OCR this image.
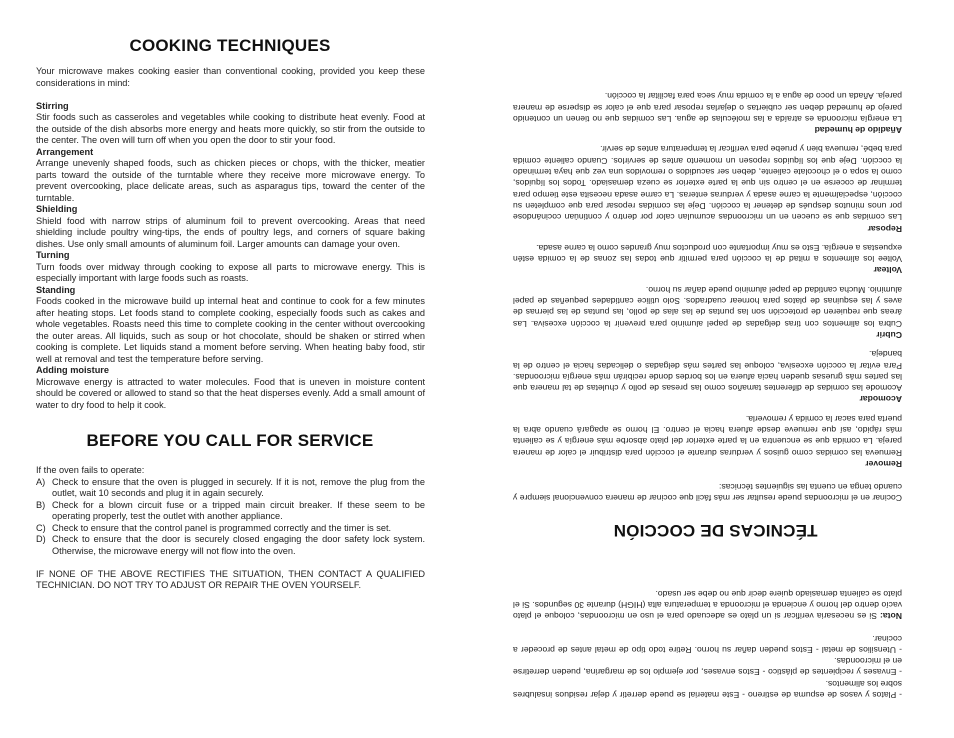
COOKING TECHNIQUES

Your microwave makes cooking easier than conventional cooking, provided you keep these considerations in mind:

Stirring

Stir foods such as casseroles and vegetables while cooking to distribute heat evenly. Food at the outside of the dish absorbs more energy and heats more quickly, so stir from the outside to the center. The oven will turn off when you open the door to stir your food.

Arrangement

Arrange unevenly shaped foods, such as chicken pieces or chops, with the thicker, meatier parts toward the outside of the turntable where they receive more microwave energy. To prevent overcooking, place delicate areas, such as asparagus tips, toward the center of the turntable.

Shielding

Shield food with narrow strips of aluminum foil to prevent overcooking. Areas that need shielding include poultry wing-tips, the ends of poultry legs, and corners of square baking dishes. Use only small amounts of aluminum foil. Larger amounts can damage your oven.

Turning

Turn foods over midway through cooking to expose all parts to microwave energy. This is especially important with large foods such as roasts.

Standing

Foods cooked in the microwave build up internal heat and continue to cook for a few minutes after heating stops. Let foods stand to complete cooking, especially foods such as cakes and whole vegetables. Roasts need this time to complete cooking in the center without overcooking the outer areas. All liquids, such as soup or hot chocolate, should be shaken or stirred when cooking is complete. Let liquids stand a moment before serving. When heating baby food, stir well at removal and test the temperature before serving.

Adding moisture

Microwave energy is attracted to water molecules. Food that is uneven in moisture content should be covered or allowed to stand so that the heat disperses evenly. Add a small amount of water to dry food to help it cook.

BEFORE YOU CALL FOR SERVICE

If the oven fails to operate:

A) Check to ensure that the oven is plugged in securely. If it is not, remove the plug from the outlet, wait 10 seconds and plug it in again securely.
B) Check for a blown circuit fuse or a tripped main circuit breaker. If these seem to be operating properly, test the outlet with another appliance.
C) Check to ensure that the control panel is programmed correctly and the timer is set.
D) Check to ensure that the door is securely closed engaging the door safety lock system. Otherwise, the microwave energy will not flow into the oven.

IF NONE OF THE ABOVE RECTIFIES THE SITUATION, THEN CONTACT A QUALIFIED TECHNICIAN. DO NOT TRY TO ADJUST OR REPAIR THE OVEN YOURSELF.

- Platos y vasos de espuma de estireno - Este material se puede derretir y dejar residuos insalubres sobre los alimentos.

- Envases y recipientes de plástico - Estos envases, por ejemplo los de margarina, pueden derretirse en el microondas.

- Utensilios de metal - Estos pueden dañar su horno. Retire todo tipo de metal antes de proceder a cocinar.

Nota: Si es necesaria verificar si un plato es adecuado para el uso en microondas, coloque el plato vacío dentro del horno y encienda el microonda a temperatura alta (HIGH) durante 30 segundos. Si el plato se calienta demasiado quiere decir que no debe ser usado.

TÉCNICAS DE COCCIÓN

Cocinar en el microondas puede resultar ser más fácil que cocinar de manera convencional siempre y cuando tenga en cuenta las siguientes técnicas:

Remover

Remueva las comidas como guisos y verduras durante el cocción para distribuir el calor de manera pareja. La comida que se encuentra en la parte exterior del plato absorbe más energía y se calienta más rápido, así que remueve desde afuera hacia el centro. El horno se apagará cuando abra la puerta para sacar la comida y removerla.

Acomodar

Acomode las comidas de diferentes tamaños como las presas de pollo y chuletas de tal manera que las partes más gruesas queden hacia afuera en los bordes donde recibirán más energía microondas. Para evitar la cocción excesiva, coloque las partes más delgadas o delicadas hacia el centro de la bandeja.

Cubrir

Cubra los alimentos con tiras delgadas de papel aluminio para prevenir la cocción excesiva. Las áreas que requieren de protección son las puntas de las alas de pollo, las puntas de las piernas de aves y las esquinas de platos para hornear cuadrados. Solo utilice cantidades pequeñas de papel aluminio. Mucha cantidad de papel aluminio puede dañar su horno.

Voltear

Voltee los alimentos a mitad de la cocción para permitir que todas las zonas de la comida estén expuestas a energía. Esto es muy importante con productos muy grandes como la carne asada.

Reposar

Las comidas que se cuecen en un microondas acumulan calor por dentro y continúan cocinándose por unos minutos después de detener la cocción. Deje las comidas reposar para que completen su cocción, especialmente la carne asada y verduras enteras. La carne asada necesita este tiempo para terminar de cocerse en el centro sin que la parte exterior se cueza demasiado. Todos los líquidos, como la sopa o el chocolate caliente, deben ser sacudidos o removidos una vez que haya terminado la cocción. Deje que los líquidos reposen un momento antes de servirlos. Cuando caliente comida para bebé, remueva bien y pruebe para verificar la temperatura antes de servir.

Añadido de humedad

La energía microonda es atraída a las moléculas de agua. Las comidas que no tienen un contenido parejo de humedad deben ser cubiertas o dejarlas reposar para que el calor se disperse de manera pareja. Añada un poco de agua a la comida muy seca para facilitar la cocción.
